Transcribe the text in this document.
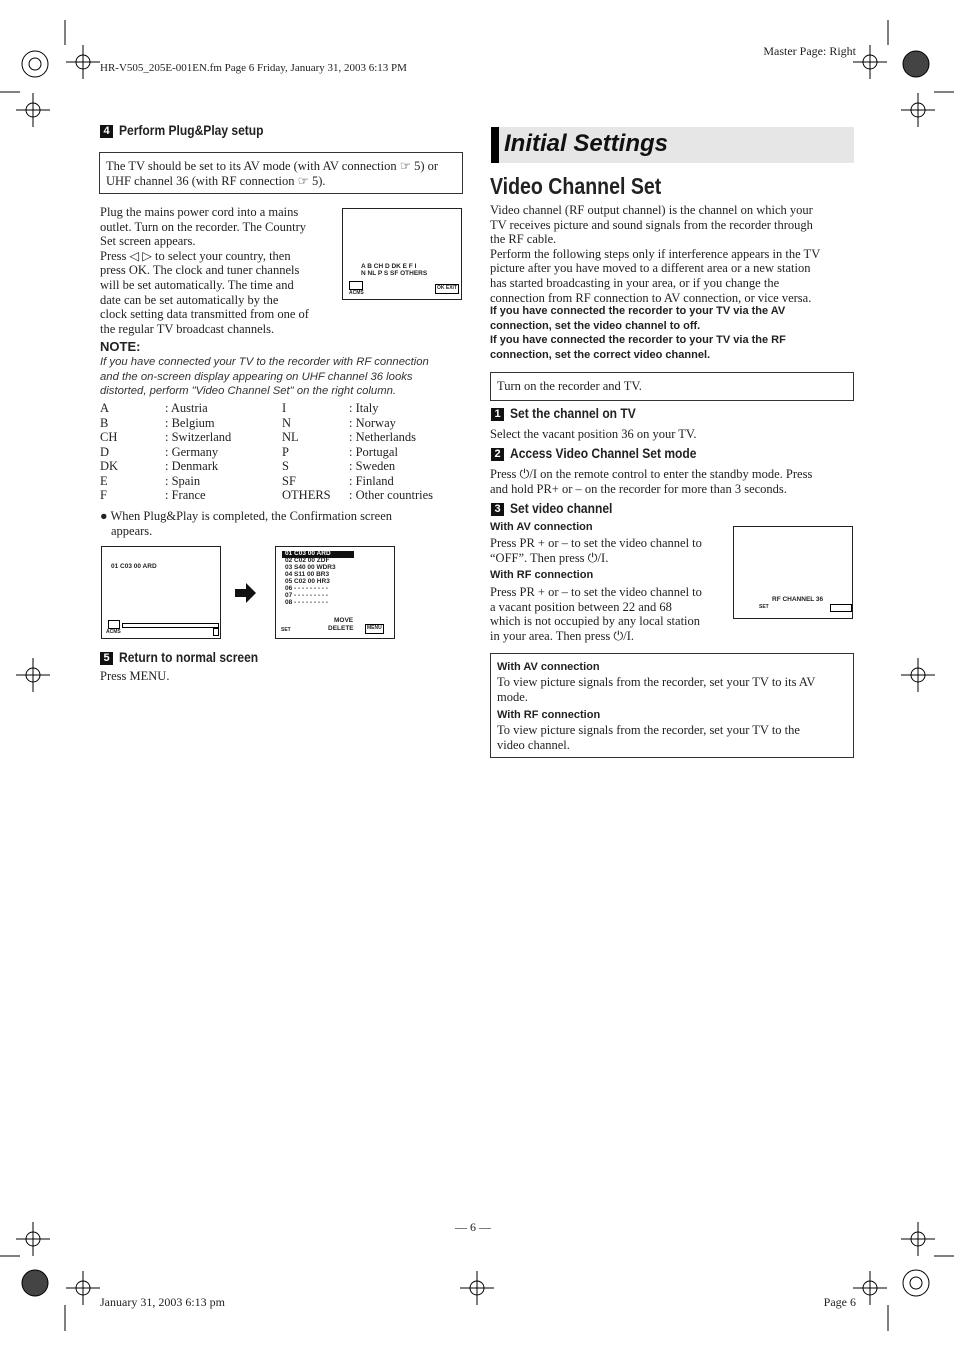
HR-V505_205E-001EN.fm Page 6 Friday, January 31, 2003 6:13 PM
Master Page: Right
4 Perform Plug&Play setup
The TV should be set to its AV mode (with AV connection ☞ 5) or UHF channel 36 (with RF connection ☞ 5).
Plug the mains power cord into a mains
outlet. Turn on the recorder. The Country
Set screen appears.
Press ◁ ▷ to select your country, then
press OK. The clock and tuner channels
will be set automatically. The time and
date can be set automatically by the
clock setting data transmitted from one of
the regular TV broadcast channels.
A B CH D DK E F I
N NL P S SF OTHERS
ACMS
OK EXIT
NOTE:
If you have connected your TV to the recorder with RF connection
and the on-screen display appearing on UHF channel 36 looks
distorted, perform "Video Channel Set" on the right column.
A	: Austria	I	: Italy
B	: Belgium	N	: Norway
CH	: Switzerland	NL	: Netherlands
D	: Germany	P	: Portugal
DK	: Denmark	S	: Sweden
E	: Spain	SF	: Finland
F	: France	OTHERS	: Other countries
● When Plug&Play is completed, the Confirmation screen
appears.
01 C03 00 ARD
ACMS
01 C03 00 ARD
02 C02 00 ZDF
03 S40 00 WDR3
04 S11 00 BR3
05 C02 00 HR3
06 - - - - - - - - -
07 - - - - - - - - -
08 - - - - - - - - -
MOVE
DELETE
SET	MENU
5 Return to normal screen
Press MENU.
Initial Settings
Video Channel Set
Video channel (RF output channel) is the channel on which your
TV receives picture and sound signals from the recorder through
the RF cable.
Perform the following steps only if interference appears in the TV
picture after you have moved to a different area or a new station
has started broadcasting in your area, or if you change the
connection from RF connection to AV connection, or vice versa.
If you have connected the recorder to your TV via the AV
connection, set the video channel to off.
If you have connected the recorder to your TV via the RF
connection, set the correct video channel.
Turn on the recorder and TV.
1 Set the channel on TV
Select the vacant position 36 on your TV.
2 Access Video Channel Set mode
Press ⏻/I on the remote control to enter the standby mode. Press
and hold PR+ or – on the recorder for more than 3 seconds.
3 Set video channel
With AV connection
Press PR + or – to set the video channel to
“OFF”. Then press ⏻/I.
With RF connection
Press PR + or – to set the video channel to
a vacant position between 22 and 68
which is not occupied by any local station
in your area. Then press ⏻/I.
RF CHANNEL 36
SET
With AV connection
To view picture signals from the recorder, set your TV to its AV
mode.
With RF connection
To view picture signals from the recorder, set your TV to the
video channel.
— 6 —
January 31, 2003 6:13 pm	Page 6
